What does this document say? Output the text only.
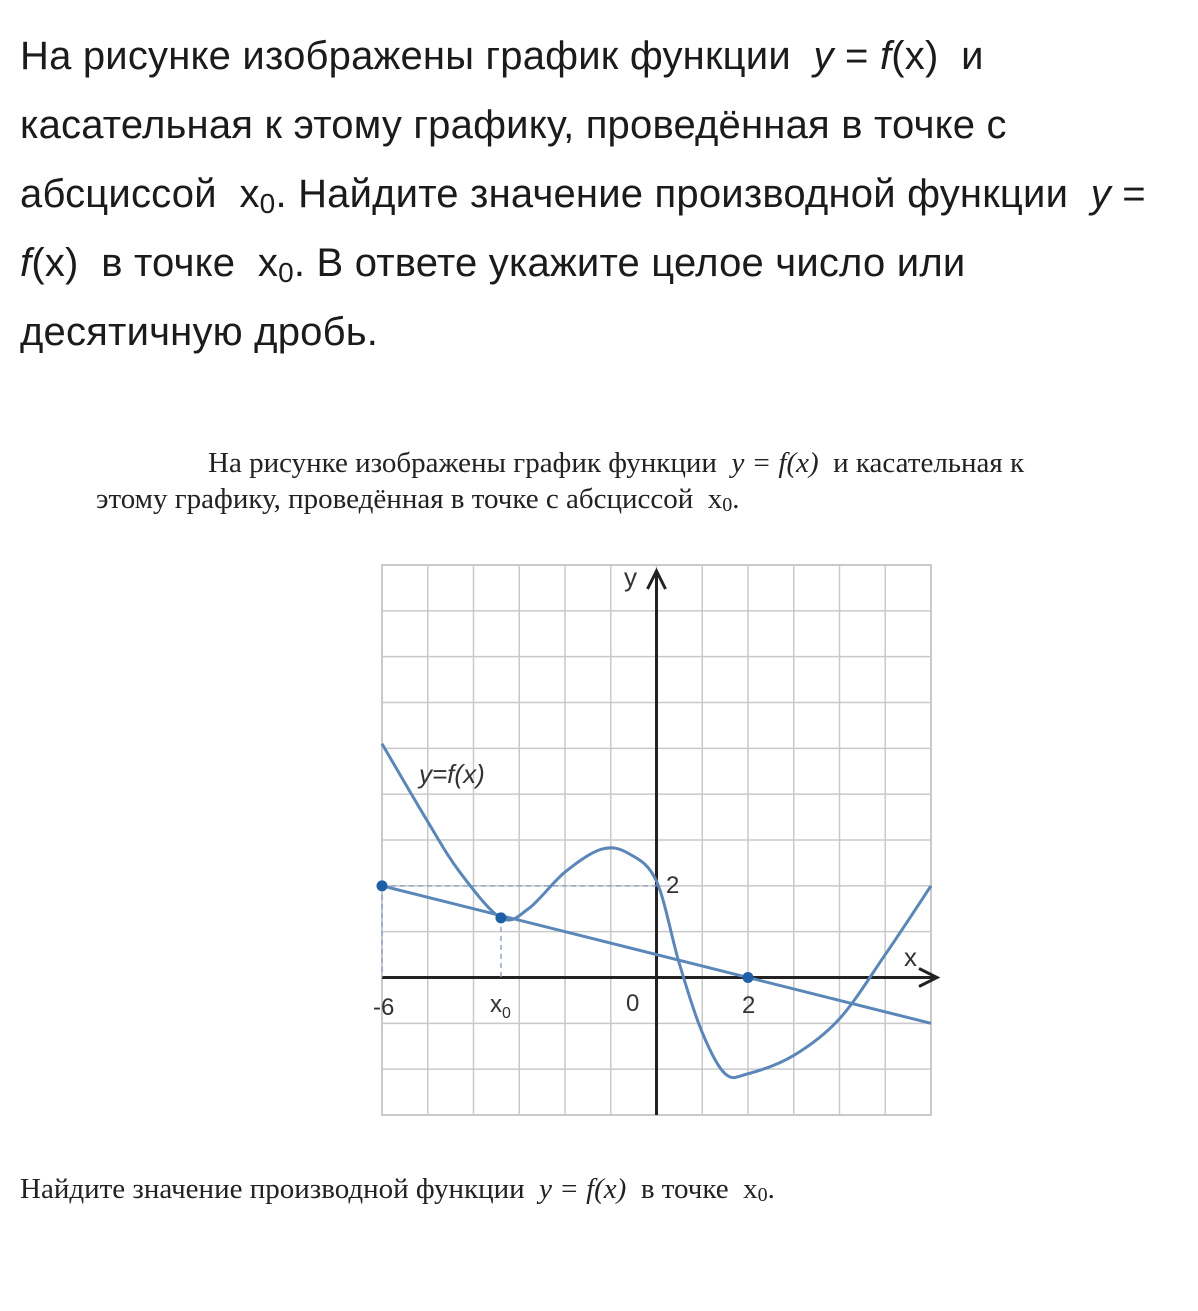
На рисунке изображены график функции y = f(x) и касательная к этому графику, проведённая в точке с абсциссой $x_0$. Найдите значение производной функции y = f(x) в точке $x_0$. В ответе укажите целое число или десятичную дробь.
На рисунке изображены график функции y = f(x) и касательная к
этому графику, проведённая в точке с абсциссой $x_0$.
y
x
y=f(x)
-6	$x_0$	0	2
2
Найдите значение производной функции y = f(x) в точке $x_0$.
